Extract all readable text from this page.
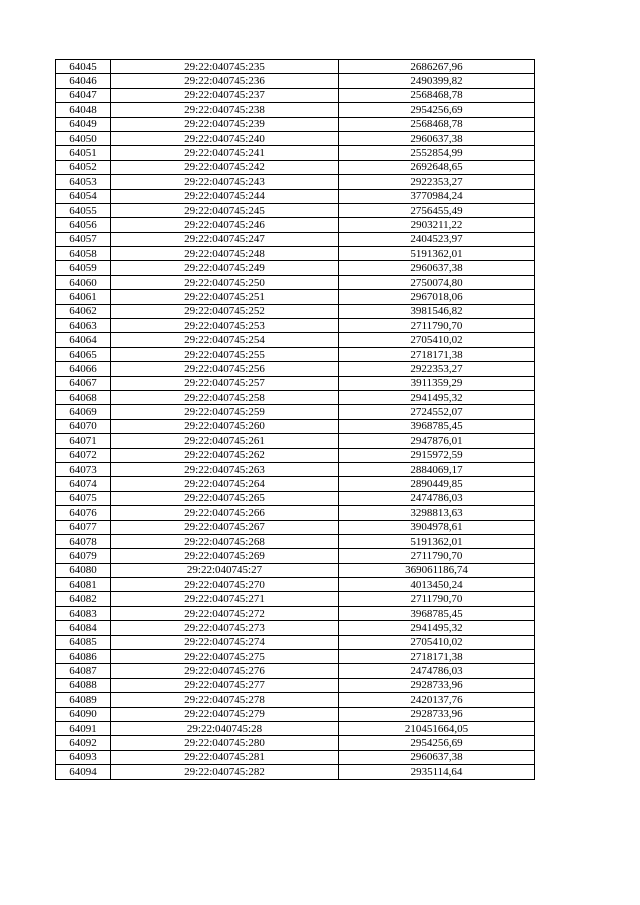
64045	29:22:040745:235	2686267,96
64046	29:22:040745:236	2490399,82
64047	29:22:040745:237	2568468,78
64048	29:22:040745:238	2954256,69
64049	29:22:040745:239	2568468,78
64050	29:22:040745:240	2960637,38
64051	29:22:040745:241	2552854,99
64052	29:22:040745:242	2692648,65
64053	29:22:040745:243	2922353,27
64054	29:22:040745:244	3770984,24
64055	29:22:040745:245	2756455,49
64056	29:22:040745:246	2903211,22
64057	29:22:040745:247	2404523,97
64058	29:22:040745:248	5191362,01
64059	29:22:040745:249	2960637,38
64060	29:22:040745:250	2750074,80
64061	29:22:040745:251	2967018,06
64062	29:22:040745:252	3981546,82
64063	29:22:040745:253	2711790,70
64064	29:22:040745:254	2705410,02
64065	29:22:040745:255	2718171,38
64066	29:22:040745:256	2922353,27
64067	29:22:040745:257	3911359,29
64068	29:22:040745:258	2941495,32
64069	29:22:040745:259	2724552,07
64070	29:22:040745:260	3968785,45
64071	29:22:040745:261	2947876,01
64072	29:22:040745:262	2915972,59
64073	29:22:040745:263	2884069,17
64074	29:22:040745:264	2890449,85
64075	29:22:040745:265	2474786,03
64076	29:22:040745:266	3298813,63
64077	29:22:040745:267	3904978,61
64078	29:22:040745:268	5191362,01
64079	29:22:040745:269	2711790,70
64080	29:22:040745:27	369061186,74
64081	29:22:040745:270	4013450,24
64082	29:22:040745:271	2711790,70
64083	29:22:040745:272	3968785,45
64084	29:22:040745:273	2941495,32
64085	29:22:040745:274	2705410,02
64086	29:22:040745:275	2718171,38
64087	29:22:040745:276	2474786,03
64088	29:22:040745:277	2928733,96
64089	29:22:040745:278	2420137,76
64090	29:22:040745:279	2928733,96
64091	29:22:040745:28	210451664,05
64092	29:22:040745:280	2954256,69
64093	29:22:040745:281	2960637,38
64094	29:22:040745:282	2935114,64
